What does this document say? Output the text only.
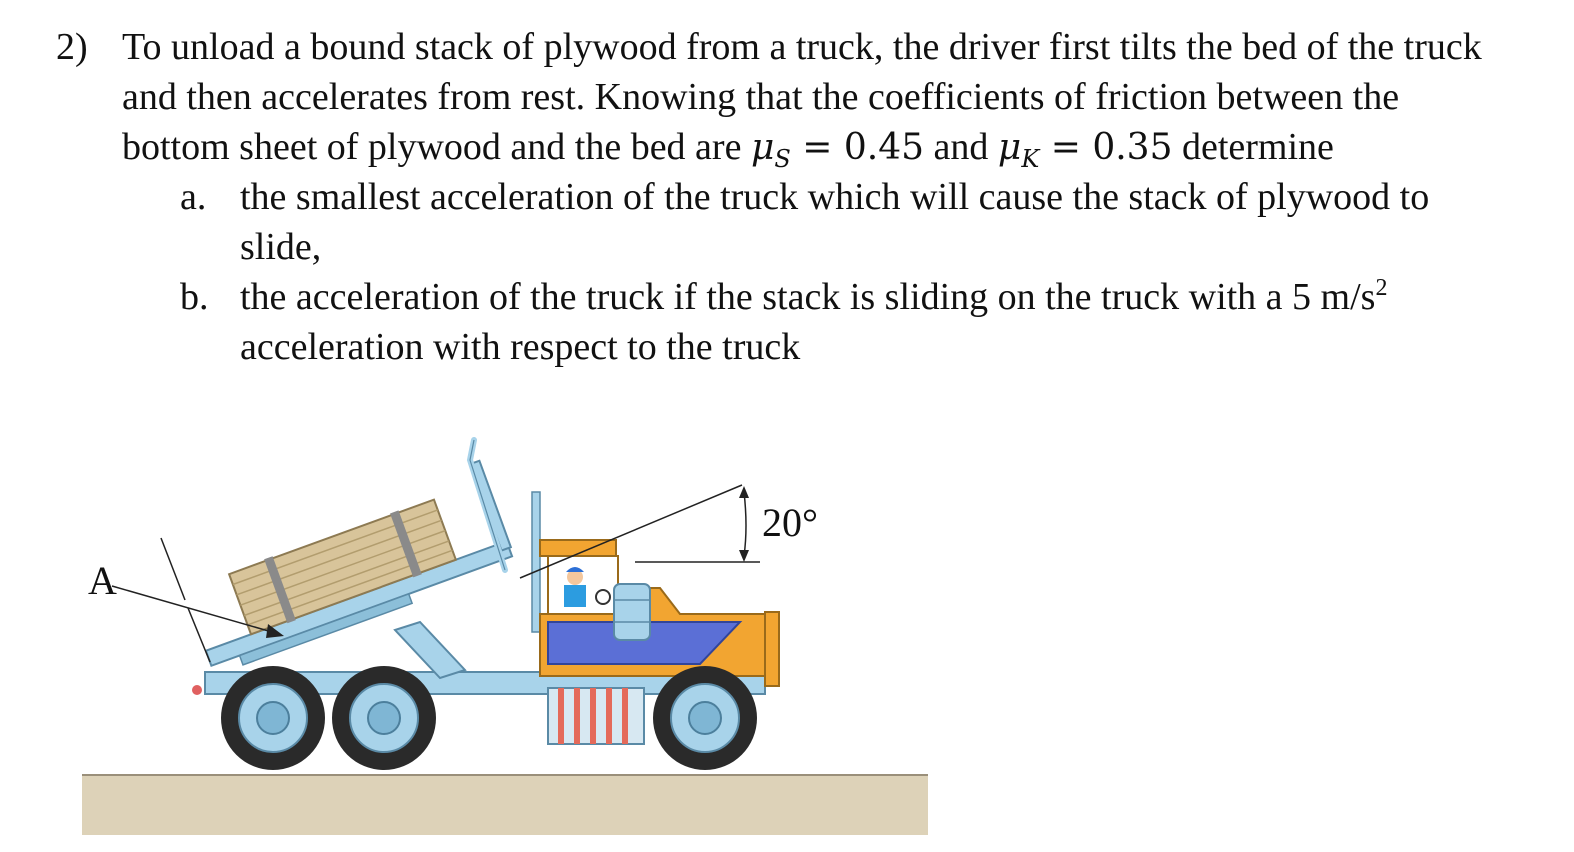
2) To unload a bound stack of plywood from a truck, the driver first tilts the bed of the truck
and then accelerates from rest. Knowing that the coefficients of friction between the
bottom sheet of plywood and the bed are $\mu_S = 0.45$ and $\mu_K = 0.35$ determine
a. the smallest acceleration of the truck which will cause the stack of plywood to
slide,
b. the acceleration of the truck if the stack is sliding on the truck with a 5 $m/s^2$
acceleration with respect to the truck
20°
A
